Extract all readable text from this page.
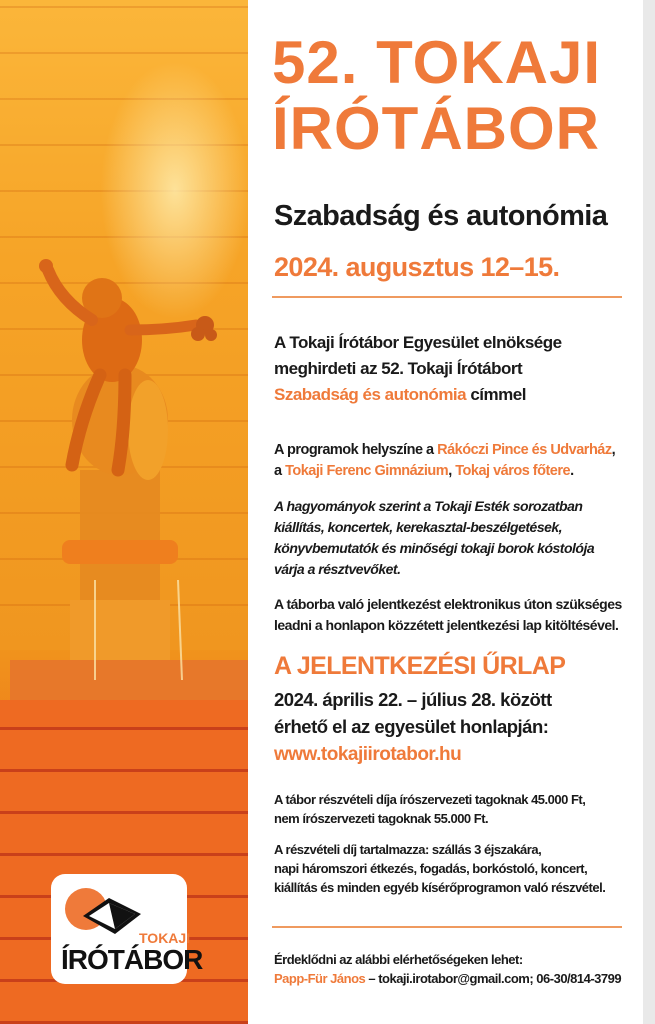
52. TOKAJI
ÍRÓTÁBOR
Szabadság és autonómia
2024. augusztus 12–15.
A Tokaji Írótábor Egyesület elnöksége
meghirdeti az 52. Tokaji Írótábort
Szabadság és autonómia címmel
A programok helyszíne a Rákóczi Pince és Udvarház,
a Tokaji Ferenc Gimnázium, Tokaj város főtere.
A hagyományok szerint a Tokaji Esték sorozatban
kiállítás, koncertek, kerekasztal-beszélgetések,
könyvbemutatók és minőségi tokaji borok kóstolója
várja a résztvevőket.
A táborba való jelentkezést elektronikus úton szükséges
leadni a honlapon közzétett jelentkezési lap kitöltésével.
A JELENTKEZÉSI ŰRLAP
2024. április 22. – július 28. között
érhető el az egyesület honlapján:
www.tokajiirotabor.hu
A tábor részvételi díja írószervezeti tagoknak 45.000 Ft,
nem írószervezeti tagoknak 55.000 Ft.
A részvételi díj tartalmazza: szállás 3 éjszakára,
napi háromszori étkezés, fogadás, borkóstoló, koncert,
kiállítás és minden egyéb kísérőprogramon való részvétel.
Érdeklődni az alábbi elérhetőségeken lehet:
Papp-Für János – tokaji.irotabor@gmail.com; 06-30/814-3799
TOKAJI
ÍRÓTÁBOR
